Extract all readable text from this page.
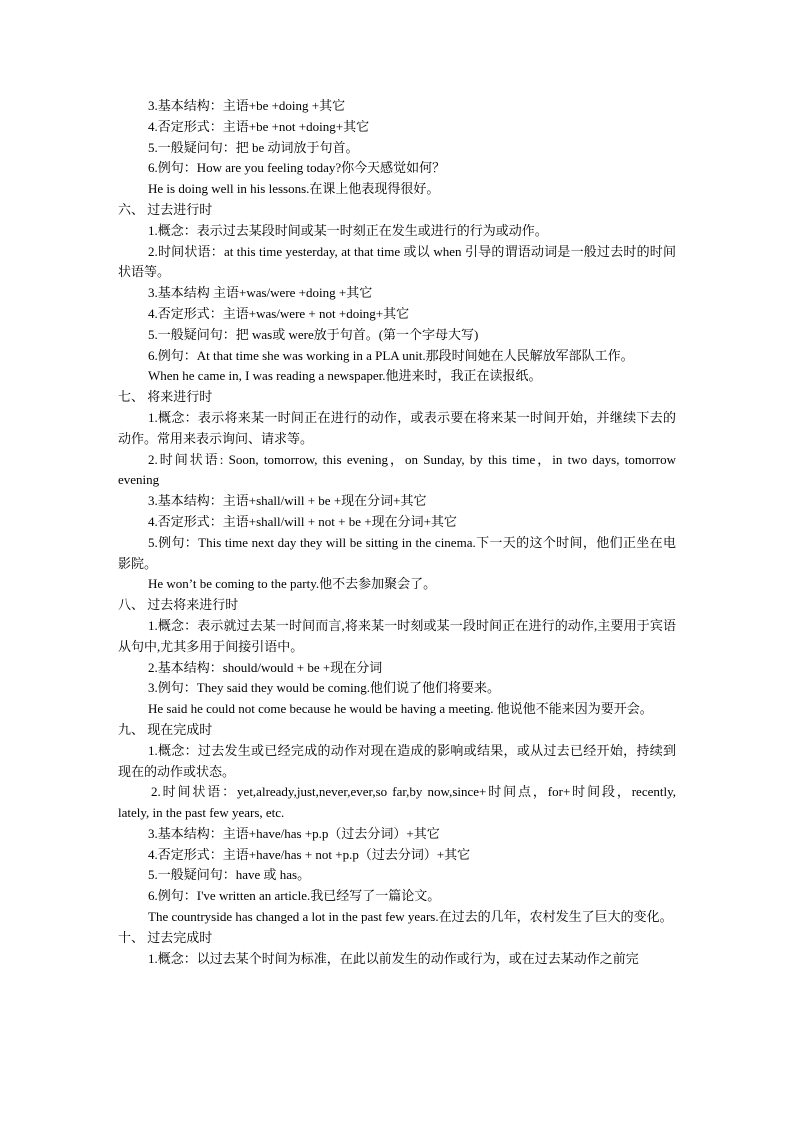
3.基本结构：主语+be +doing +其它

4.否定形式：主语+be +not +doing+其它

5.一般疑问句：把 be 动词放于句首。

6.例句：How are you feeling today?你今天感觉如何？

He is doing well in his lessons.在课上他表现得很好。

六、 过去进行时

1.概念：表示过去某段时间或某一时刻正在发生或进行的行为或动作。

2.时间状语：at this time yesterday, at that time 或以 when 引导的谓语动词是一般过去时的时间状语等。

3.基本结构 主语+was/were +doing +其它

4.否定形式：主语+was/were + not +doing+其它

5.一般疑问句：把 was或 were放于句首。(第一个字母大写)

6.例句：At that time she was working in a PLA unit.那段时间她在人民解放军部队工作。

When he came in, I was reading a newspaper.他进来时，我正在读报纸。

七、 将来进行时

1.概念：表示将来某一时间正在进行的动作，或表示要在将来某一时间开始，并继续下去的动作。常用来表示询问、请求等。

2.时间状语: Soon, tomorrow, this evening，on Sunday, by this time，in two days, tomorrow evening

3.基本结构：主语+shall/will + be +现在分词+其它

4.否定形式：主语+shall/will + not + be +现在分词+其它

5.例句：This time next day they will be sitting in the cinema.下一天的这个时间，他们正坐在电影院。

He won’t be coming to the party.他不去参加聚会了。

八、 过去将来进行时

1.概念：表示就过去某一时间而言,将来某一时刻或某一段时间正在进行的动作,主要用于宾语从句中,尤其多用于间接引语中。

2.基本结构：should/would + be +现在分词

3.例句：They said they would be coming.他们说了他们将要来。

He said he could not come because he would be having a meeting. 他说他不能来因为要开会。

九、 现在完成时

1.概念：过去发生或已经完成的动作对现在造成的影响或结果，或从过去已经开始，持续到现在的动作或状态。

2.时间状语：yet,already,just,never,ever,so far,by now,since+时间点，for+时间段，recently, lately, in the past few years, etc.

3.基本结构：主语+have/has +p.p（过去分词）+其它

4.否定形式：主语+have/has + not +p.p（过去分词）+其它

5.一般疑问句：have 或 has。

6.例句：I've written an article.我已经写了一篇论文。

The countryside has changed a lot in the past few years.在过去的几年，农村发生了巨大的变化。

十、 过去完成时

1.概念：以过去某个时间为标准，在此以前发生的动作或行为，或在过去某动作之前完
